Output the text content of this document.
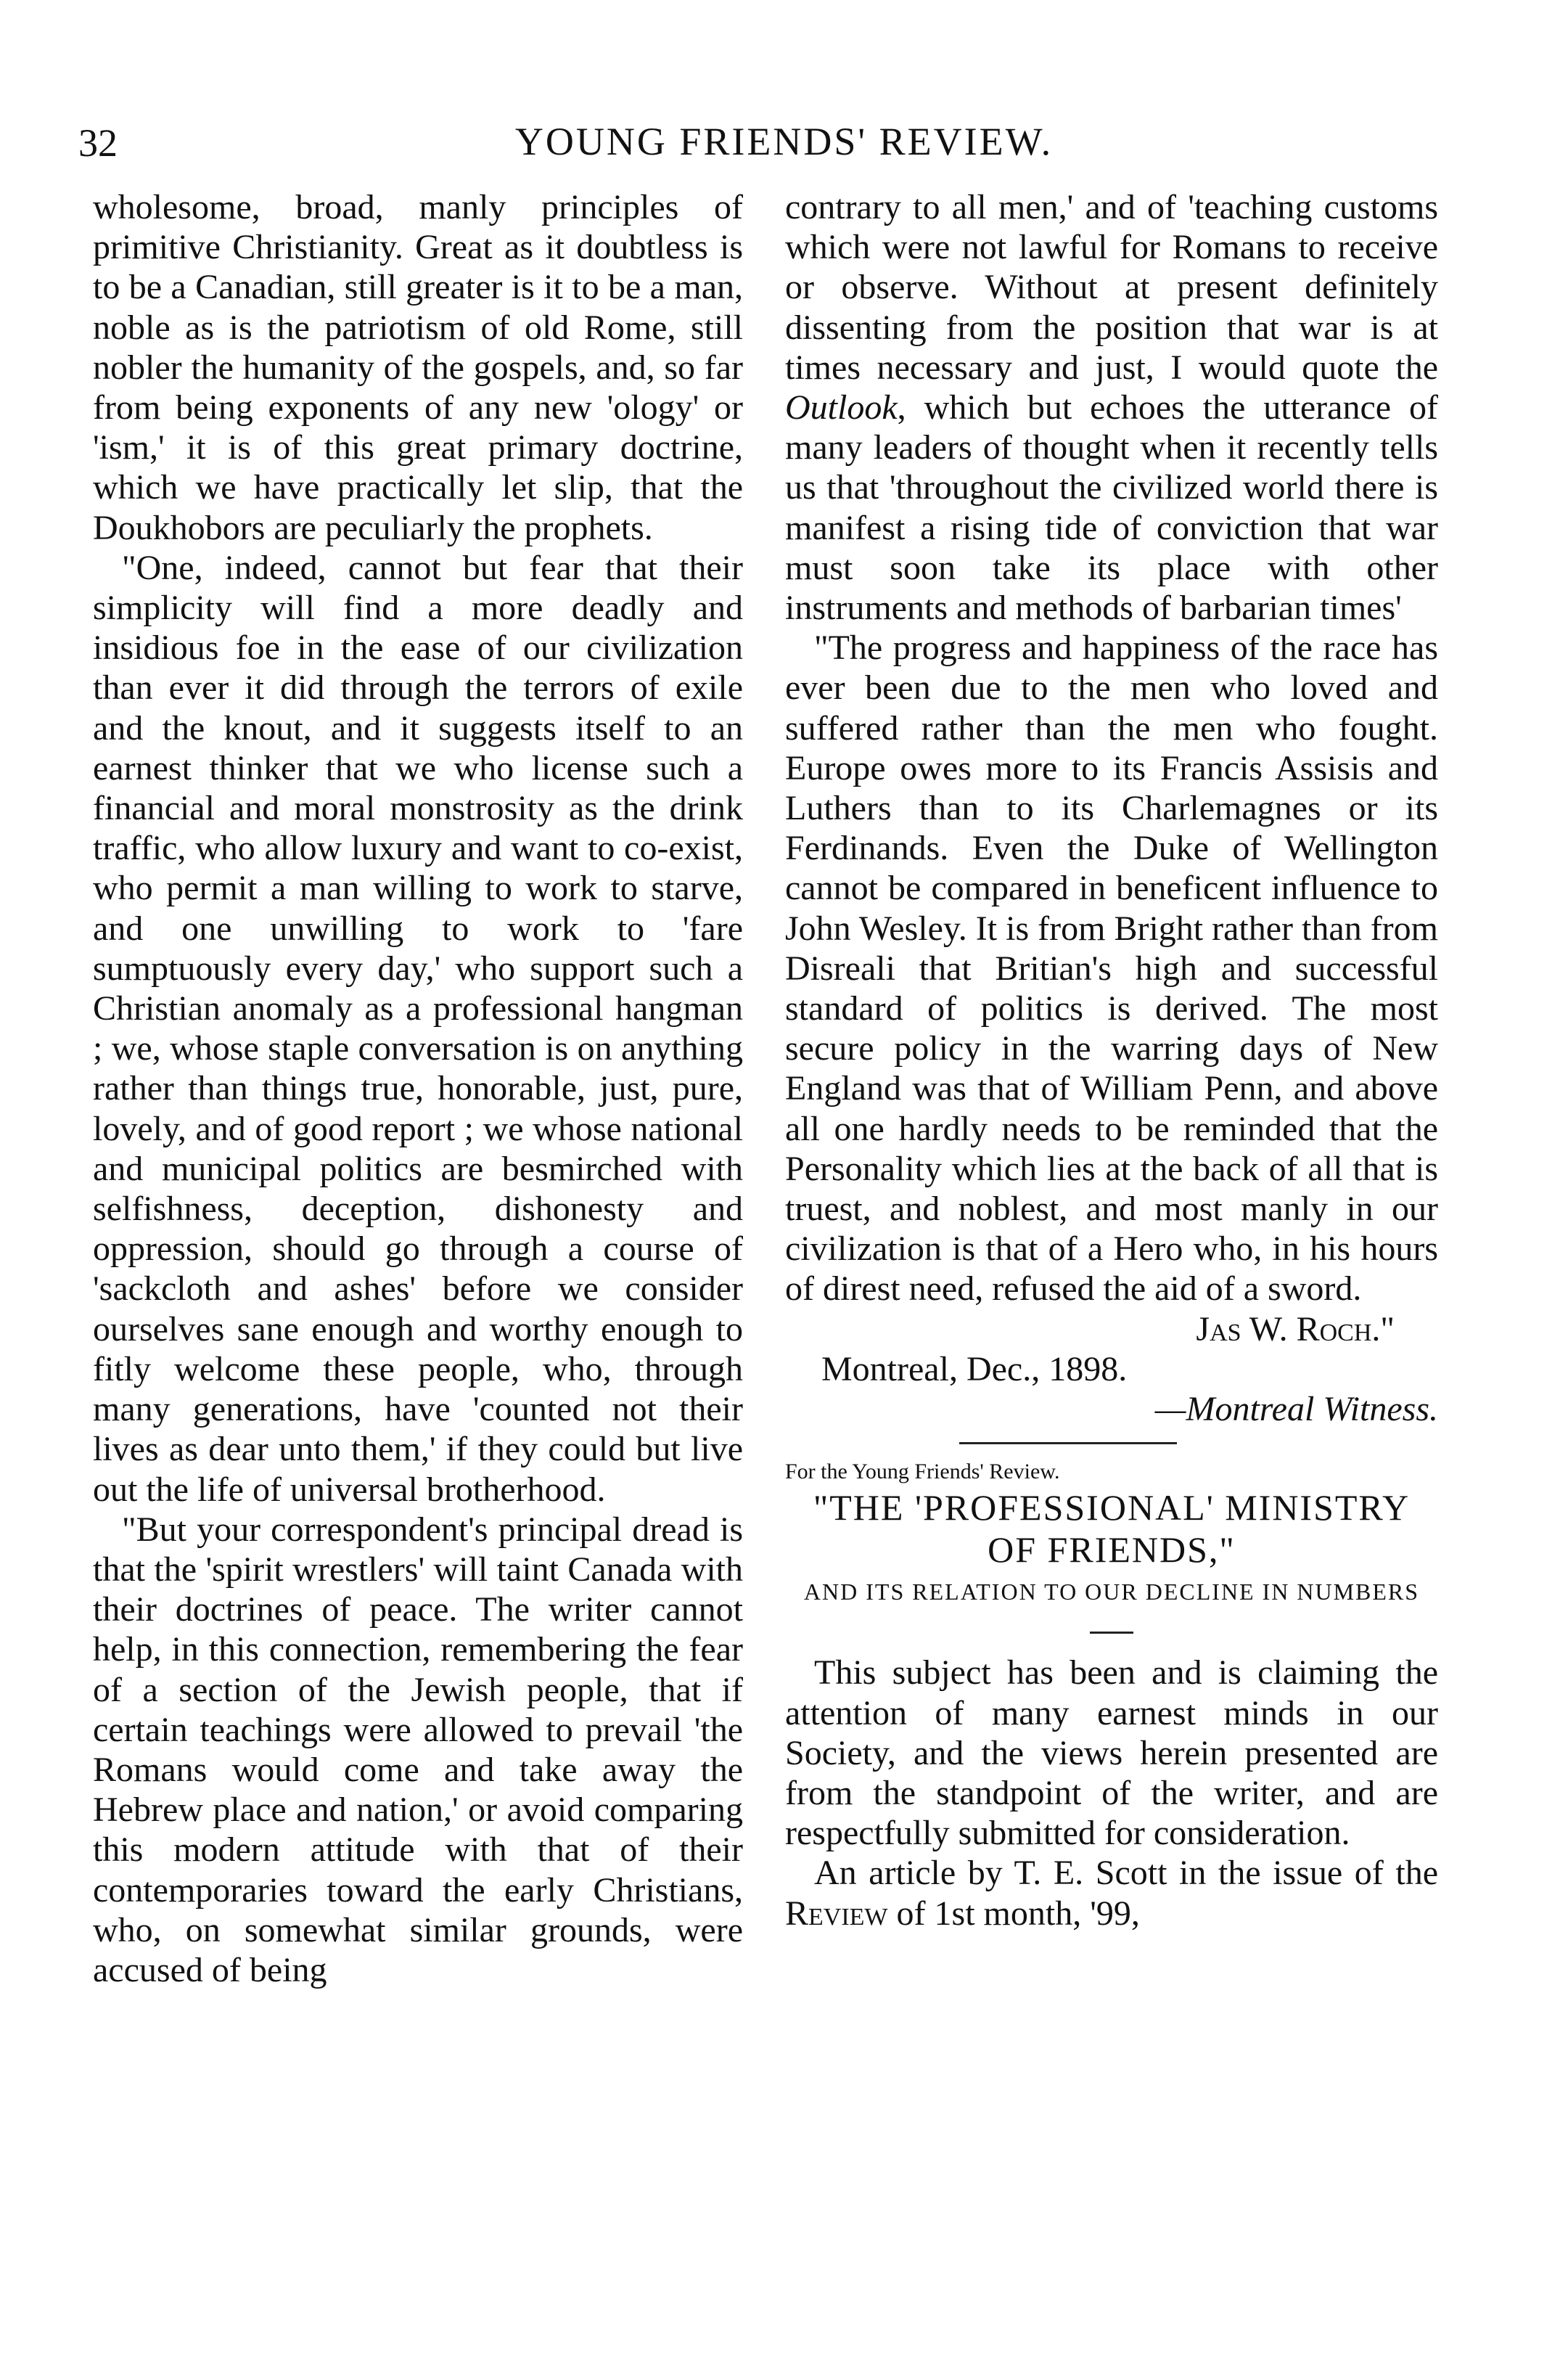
32	YOUNG FRIENDS' REVIEW.

wholesome, broad, manly principles of primitive Christianity. Great as it doubtless is to be a Canadian, still greater is it to be a man, noble as is the patriotism of old Rome, still nobler the humanity of the gospels, and, so far from being exponents of any new 'ology' or 'ism,' it is of this great primary doctrine, which we have practically let slip, that the Doukhobors are peculiarly the prophets.

"One, indeed, cannot but fear that their simplicity will find a more deadly and insidious foe in the ease of our civilization than ever it did through the terrors of exile and the knout, and it suggests itself to an earnest thinker that we who license such a financial and moral monstrosity as the drink traffic, who allow luxury and want to co-exist, who permit a man willing to work to starve, and one unwilling to work to 'fare sumptuously every day,' who support such a Christian anomaly as a professional hangman ; we, whose staple conversation is on anything rather than things true, honorable, just, pure, lovely, and of good report ; we whose national and municipal politics are besmirched with selfishness, deception, dishonesty and oppression, should go through a course of 'sackcloth and ashes' before we consider ourselves sane enough and worthy enough to fitly welcome these people, who, through many generations, have 'counted not their lives as dear unto them,' if they could but live out the life of universal brotherhood.

"But your correspondent's principal dread is that the 'spirit wrestlers' will taint Canada with their doctrines of peace. The writer cannot help, in this connection, remembering the fear of a section of the Jewish people, that if certain teachings were allowed to prevail 'the Romans would come and take away the Hebrew place and nation,' or avoid comparing this modern attitude with that of their contemporaries toward the early Christians, who, on somewhat similar grounds, were accused of being

contrary to all men,' and of 'teaching customs which were not lawful for Romans to receive or observe. Without at present definitely dissenting from the position that war is at times necessary and just, I would quote the Outlook, which but echoes the utterance of many leaders of thought when it recently tells us that 'throughout the civilized world there is manifest a rising tide of conviction that war must soon take its place with other instruments and methods of barbarian times'

"The progress and happiness of the race has ever been due to the men who loved and suffered rather than the men who fought. Europe owes more to its Francis Assisis and Luthers than to its Charlemagnes or its Ferdinands. Even the Duke of Wellington cannot be compared in beneficent influence to John Wesley. It is from Bright rather than from Disreali that Britian's high and successful standard of politics is derived. The most secure policy in the warring days of New England was that of William Penn, and above all one hardly needs to be reminded that the Personality which lies at the back of all that is truest, and noblest, and most manly in our civilization is that of a Hero who, in his hours of direst need, refused the aid of a sword.

Jas W. Roch."

Montreal, Dec., 1898.

—Montreal Witness.

For the Young Friends' Review.

"THE 'PROFESSIONAL' MINISTRY OF FRIENDS,"

AND ITS RELATION TO OUR DECLINE IN NUMBERS

This subject has been and is claiming the attention of many earnest minds in our Society, and the views herein presented are from the standpoint of the writer, and are respectfully submitted for consideration.

An article by T. E. Scott in the issue of the Review of 1st month, '99,
